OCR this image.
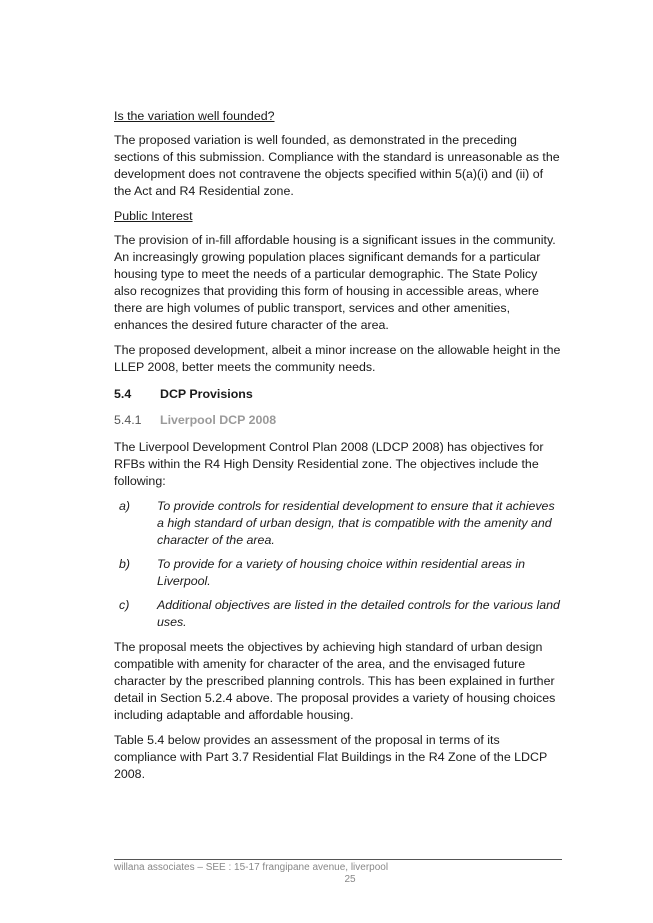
Is the variation well founded?

The proposed variation is well founded, as demonstrated in the preceding sections of this submission. Compliance with the standard is unreasonable as the development does not contravene the objects specified within 5(a)(i) and (ii) of the Act and R4 Residential zone.

Public Interest

The provision of in-fill affordable housing is a significant issues in the community. An increasingly growing population places significant demands for a particular housing type to meet the needs of a particular demographic. The State Policy also recognizes that providing this form of housing in accessible areas, where there are high volumes of public transport, services and other amenities, enhances the desired future character of the area.

The proposed development, albeit a minor increase on the allowable height in the LLEP 2008, better meets the community needs.

5.4	DCP Provisions
5.4.1	Liverpool DCP 2008

The Liverpool Development Control Plan 2008 (LDCP 2008) has objectives for RFBs within the R4 High Density Residential zone. The objectives include the following:

a)	To provide controls for residential development to ensure that it achieves a high standard of urban design, that is compatible with the amenity and character of the area.
b)	To provide for a variety of housing choice within residential areas in Liverpool.
c)	Additional objectives are listed in the detailed controls for the various land uses.

The proposal meets the objectives by achieving high standard of urban design compatible with amenity for character of the area, and the envisaged future character by the prescribed planning controls. This has been explained in further detail in Section 5.2.4 above. The proposal provides a variety of housing choices including adaptable and affordable housing.

Table 5.4 below provides an assessment of the proposal in terms of its compliance with Part 3.7 Residential Flat Buildings in the R4 Zone of the LDCP 2008.

willana associates – SEE : 15-17 frangipane avenue, liverpool
25
